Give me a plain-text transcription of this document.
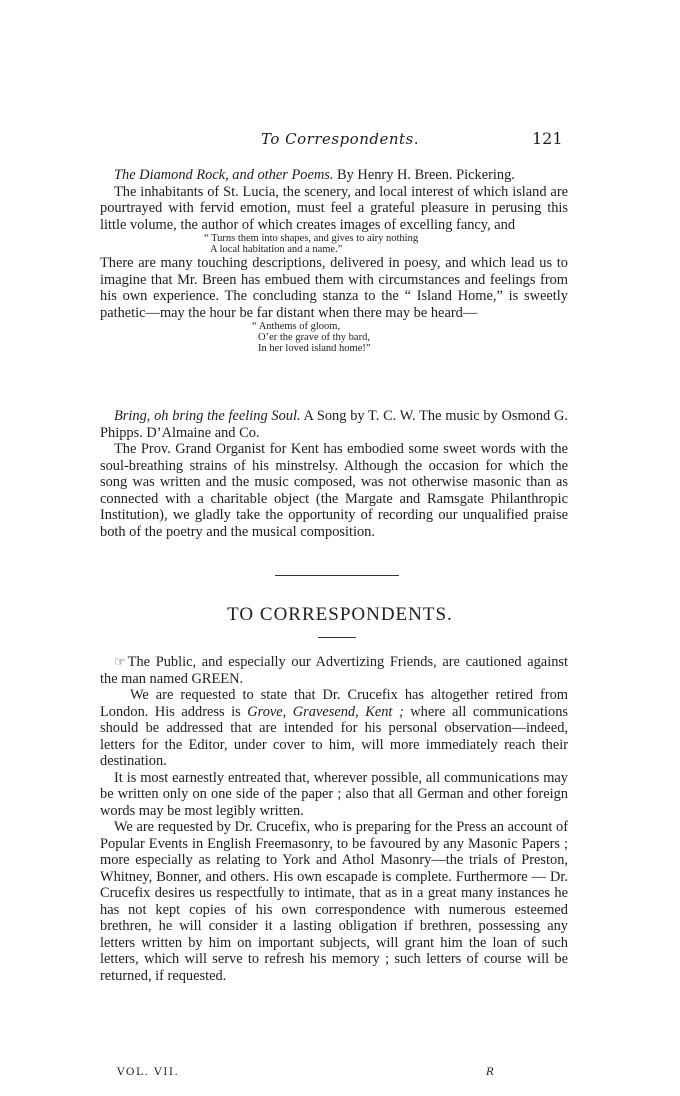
To Correspondents.	121

The Diamond Rock, and other Poems. By Henry H. Breen. Pickering.

The inhabitants of St. Lucia, the scenery, and local interest of which island are pourtrayed with fervid emotion, must feel a grateful pleasure in perusing this little volume, the author of which creates images of excelling fancy, and

“ Turns them into shapes, and gives to airy nothing
A local habitation and a name.”

There are many touching descriptions, delivered in poesy, and which lead us to imagine that Mr. Breen has embued them with circumstances and feelings from his own experience. The concluding stanza to the “ Island Home,” is sweetly pathetic—may the hour be far distant when there may be heard—

“ Anthems of gloom,
O’er the grave of thy bard,
In her loved island home!”

Bring, oh bring the feeling Soul. A Song by T. C. W. The music by Osmond G. Phipps. D’Almaine and Co.

The Prov. Grand Organist for Kent has embodied some sweet words with the soul-breathing strains of his minstrelsy. Although the occasion for which the song was written and the music composed, was not otherwise masonic than as connected with a charitable object (the Margate and Ramsgate Philanthropic Institution), we gladly take the opportunity of recording our unqualified praise both of the poetry and the musical composition.

TO CORRESPONDENTS.

☞ The Public, and especially our Advertizing Friends, are cautioned against the man named GREEN.

We are requested to state that Dr. Crucefix has altogether retired from London. His address is Grove, Gravesend, Kent ; where all communications should be addressed that are intended for his personal observation—indeed, letters for the Editor, under cover to him, will more immediately reach their destination.

It is most earnestly entreated that, wherever possible, all communications may be written only on one side of the paper ; also that all German and other foreign words may be most legibly written.

We are requested by Dr. Crucefix, who is preparing for the Press an account of Popular Events in English Freemasonry, to be favoured by any Masonic Papers ; more especially as relating to York and Athol Masonry—the trials of Preston, Whitney, Bonner, and others. His own escapade is complete. Furthermore — Dr. Crucefix desires us respectfully to intimate, that as in a great many instances he has not kept copies of his own correspondence with numerous esteemed brethren, he will consider it a lasting obligation if brethren, possessing any letters written by him on important subjects, will grant him the loan of such letters, which will serve to refresh his memory ; such letters of course will be returned, if requested.

VOL. VII.	R
